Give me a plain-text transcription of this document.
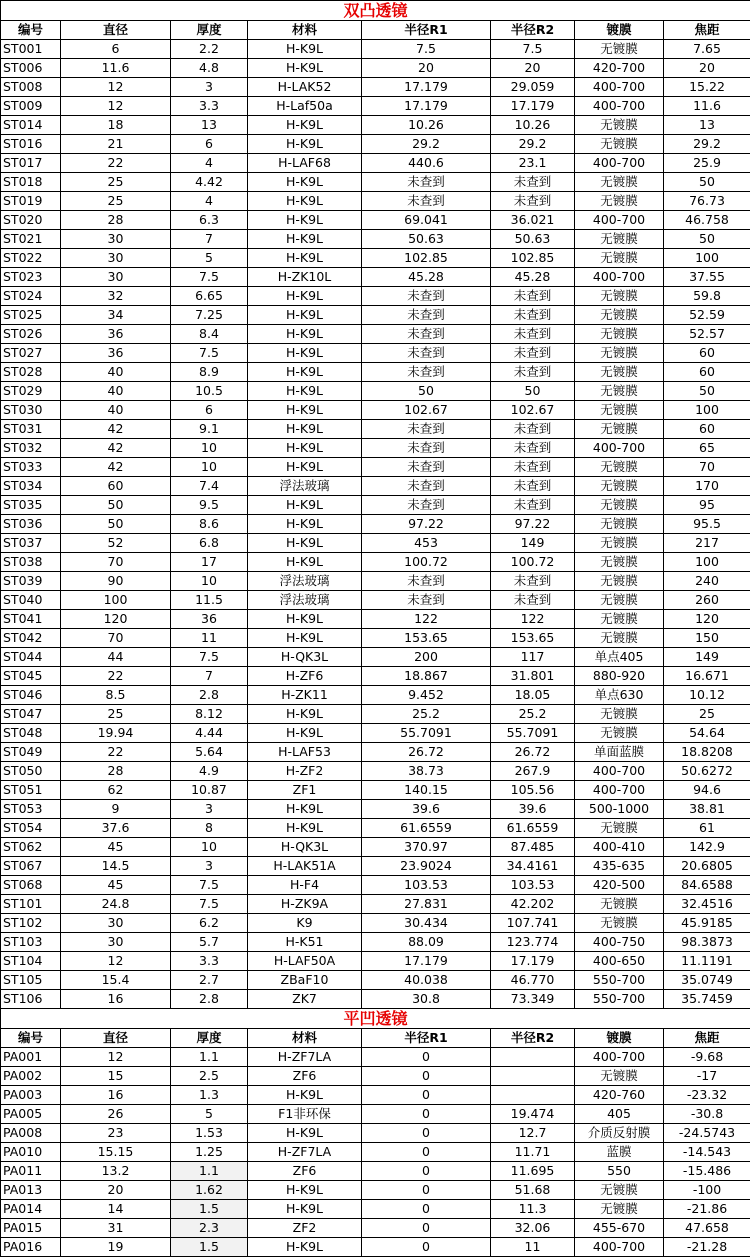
双凸透镜							
编号	直径	厚度	材料	半径R1	半径R2	镀膜	焦距
ST001	6	2.2	H-K9L	7.5	7.5	无镀膜	7.65
ST006	11.6	4.8	H-K9L	20	20	420-700	20
ST008	12	3	H-LAK52	17.179	29.059	400-700	15.22
ST009	12	3.3	H-Laf50a	17.179	17.179	400-700	11.6
ST014	18	13	H-K9L	10.26	10.26	无镀膜	13
ST016	21	6	H-K9L	29.2	29.2	无镀膜	29.2
ST017	22	4	H-LAF68	440.6	23.1	400-700	25.9
ST018	25	4.42	H-K9L	未查到	未查到	无镀膜	50
ST019	25	4	H-K9L	未查到	未查到	无镀膜	76.73
ST020	28	6.3	H-K9L	69.041	36.021	400-700	46.758
ST021	30	7	H-K9L	50.63	50.63	无镀膜	50
ST022	30	5	H-K9L	102.85	102.85	无镀膜	100
ST023	30	7.5	H-ZK10L	45.28	45.28	400-700	37.55
ST024	32	6.65	H-K9L	未查到	未查到	无镀膜	59.8
ST025	34	7.25	H-K9L	未查到	未查到	无镀膜	52.59
ST026	36	8.4	H-K9L	未查到	未查到	无镀膜	52.57
ST027	36	7.5	H-K9L	未查到	未查到	无镀膜	60
ST028	40	8.9	H-K9L	未查到	未查到	无镀膜	60
ST029	40	10.5	H-K9L	50	50	无镀膜	50
ST030	40	6	H-K9L	102.67	102.67	无镀膜	100
ST031	42	9.1	H-K9L	未查到	未查到	无镀膜	60
ST032	42	10	H-K9L	未查到	未查到	400-700	65
ST033	42	10	H-K9L	未查到	未查到	无镀膜	70
ST034	60	7.4	浮法玻璃	未查到	未查到	无镀膜	170
ST035	50	9.5	H-K9L	未查到	未查到	无镀膜	95
ST036	50	8.6	H-K9L	97.22	97.22	无镀膜	95.5
ST037	52	6.8	H-K9L	453	149	无镀膜	217
ST038	70	17	H-K9L	100.72	100.72	无镀膜	100
ST039	90	10	浮法玻璃	未查到	未查到	无镀膜	240
ST040	100	11.5	浮法玻璃	未查到	未查到	无镀膜	260
ST041	120	36	H-K9L	122	122	无镀膜	120
ST042	70	11	H-K9L	153.65	153.65	无镀膜	150
ST044	44	7.5	H-QK3L	200	117	单点405	149
ST045	22	7	H-ZF6	18.867	31.801	880-920	16.671
ST046	8.5	2.8	H-ZK11	9.452	18.05	单点630	10.12
ST047	25	8.12	H-K9L	25.2	25.2	无镀膜	25
ST048	19.94	4.44	H-K9L	55.7091	55.7091	无镀膜	54.64
ST049	22	5.64	H-LAF53	26.72	26.72	单面蓝膜	18.8208
ST050	28	4.9	H-ZF2	38.73	267.9	400-700	50.6272
ST051	62	10.87	ZF1	140.15	105.56	400-700	94.6
ST053	9	3	H-K9L	39.6	39.6	500-1000	38.81
ST054	37.6	8	H-K9L	61.6559	61.6559	无镀膜	61
ST062	45	10	H-QK3L	370.97	87.485	400-410	142.9
ST067	14.5	3	H-LAK51A	23.9024	34.4161	435-635	20.6805
ST068	45	7.5	H-F4	103.53	103.53	420-500	84.6588
ST101	24.8	7.5	H-ZK9A	27.831	42.202	无镀膜	32.4516
ST102	30	6.2	K9	30.434	107.741	无镀膜	45.9185
ST103	30	5.7	H-K51	88.09	123.774	400-750	98.3873
ST104	12	3.3	H-LAF50A	17.179	17.179	400-650	11.1191
ST105	15.4	2.7	ZBaF10	40.038	46.770	550-700	35.0749
ST106	16	2.8	ZK7	30.8	73.349	550-700	35.7459
平凹透镜							
编号	直径	厚度	材料	半径R1	半径R2	镀膜	焦距
PA001	12	1.1	H-ZF7LA	0		400-700	-9.68
PA002	15	2.5	ZF6	0		无镀膜	-17
PA003	16	1.3	H-K9L	0		420-760	-23.32
PA005	26	5	F1非环保	0	19.474	405	-30.8
PA008	23	1.53	H-K9L	0	12.7	介质反射膜	-24.5743
PA010	15.15	1.25	H-ZF7LA	0	11.71	蓝膜	-14.543
PA011	13.2	1.1	ZF6	0	11.695	550	-15.486
PA013	20	1.62	H-K9L	0	51.68	无镀膜	-100
PA014	14	1.5	H-K9L	0	11.3	无镀膜	-21.86
PA015	31	2.3	ZF2	0	32.06	455-670	47.658
PA016	19	1.5	H-K9L	0	11	400-700	-21.28
